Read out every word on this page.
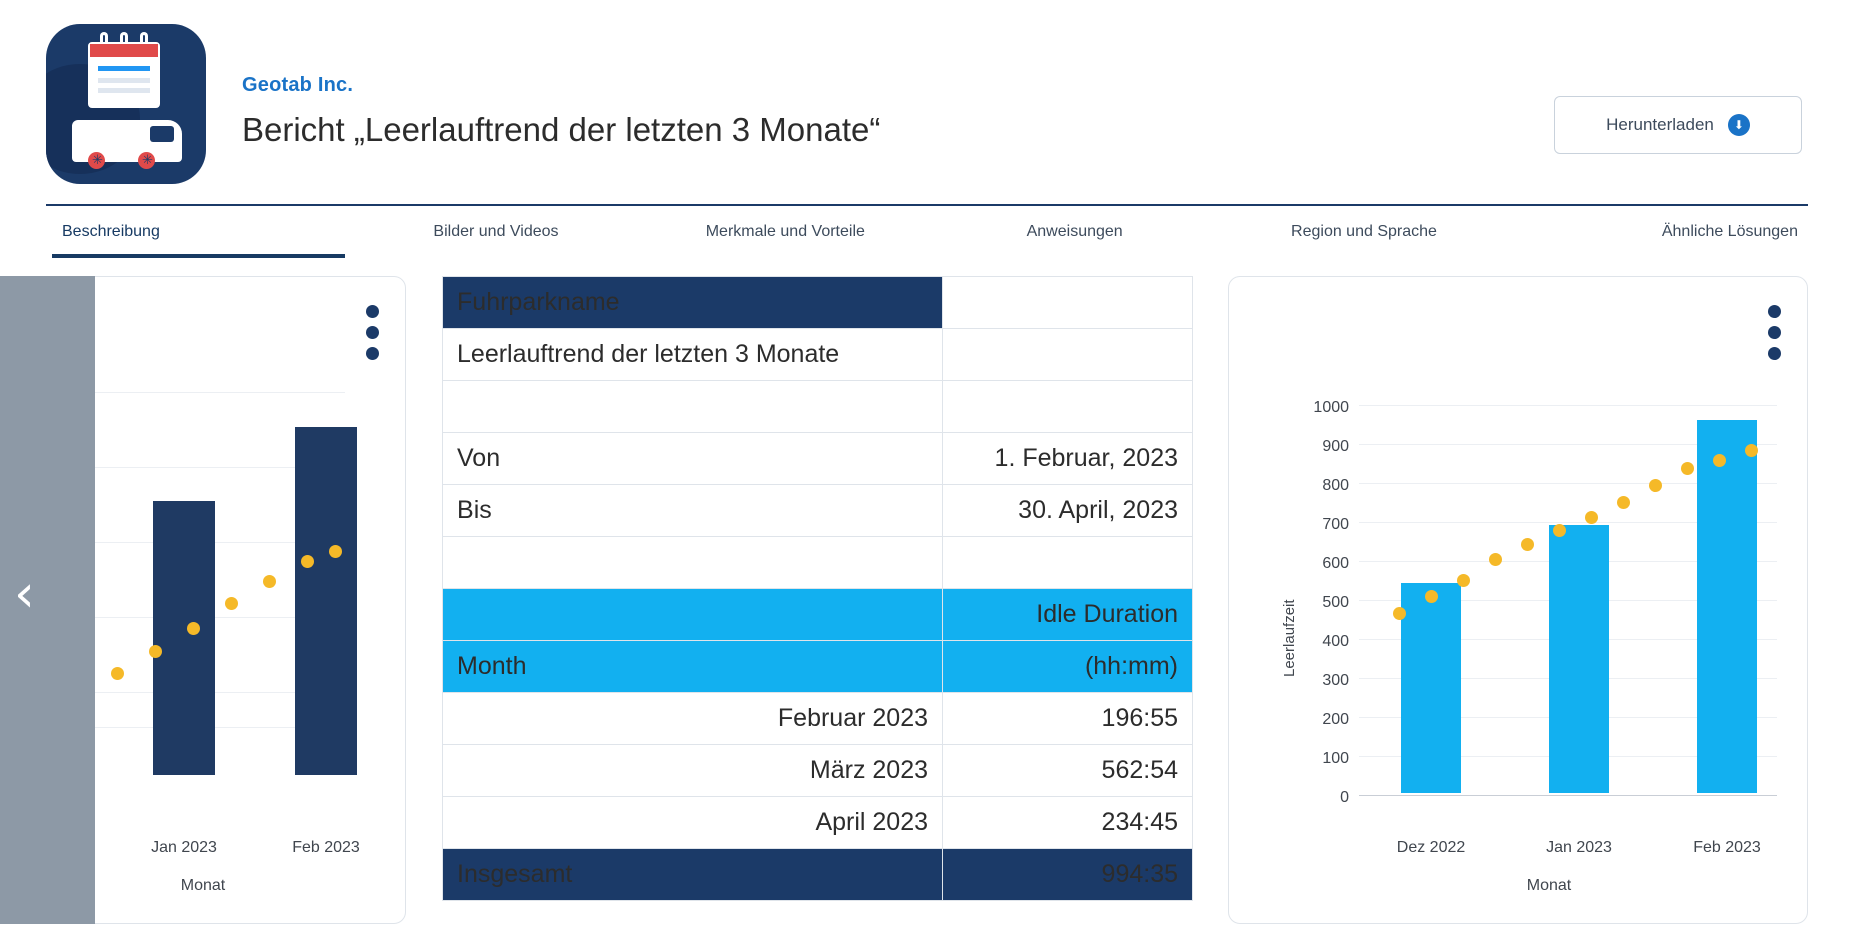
✳	✳
Geotab Inc.
Bericht „Leerlauftrend der letzten 3 Monate“	Herunterladen	⬇
Beschreibung	Bilder und Videos	Merkmale und Vorteile	Anweisungen	Region und Sprache	Ähnliche Lösungen
Jan 2023	Feb 2023
Monat
Fuhrparkname	
Leerlauftrend der letzten 3 Monate	

Von	1. Februar, 2023
Bis	30. April, 2023

	Idle Duration
Month	(hh:mm)
Februar 2023	196:55
März 2023	562:54
April 2023	234:45
Insgesamt	994:35
1000
900
800
700
600
500
400
300
200
100
0
Leerlaufzeit
Dez 2022	Jan 2023	Feb 2023
Monat
‹
